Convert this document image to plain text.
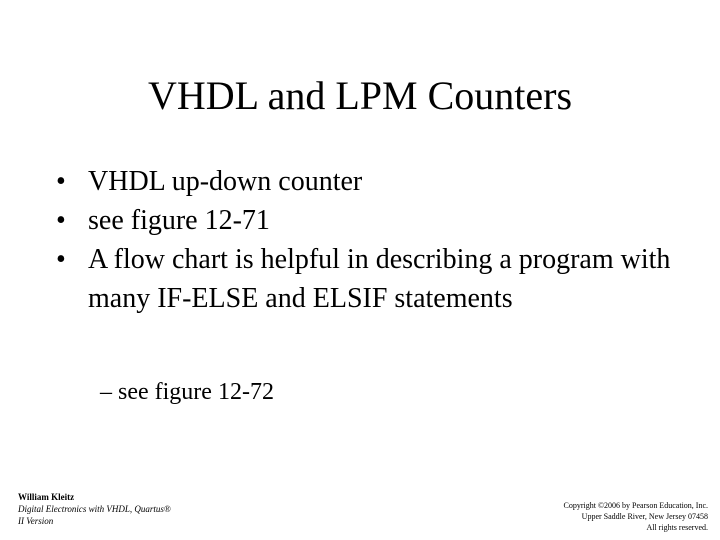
VHDL and LPM Counters
• VHDL up-down counter
• see figure 12-71
• A flow chart is helpful in describing a program with many IF-ELSE and ELSIF statements
– see figure 12-72
William Kleitz
Digital Electronics with VHDL, Quartus®
II Version
Copyright ©2006 by Pearson Education, Inc.
Upper Saddle River, New Jersey 07458
All rights reserved.
